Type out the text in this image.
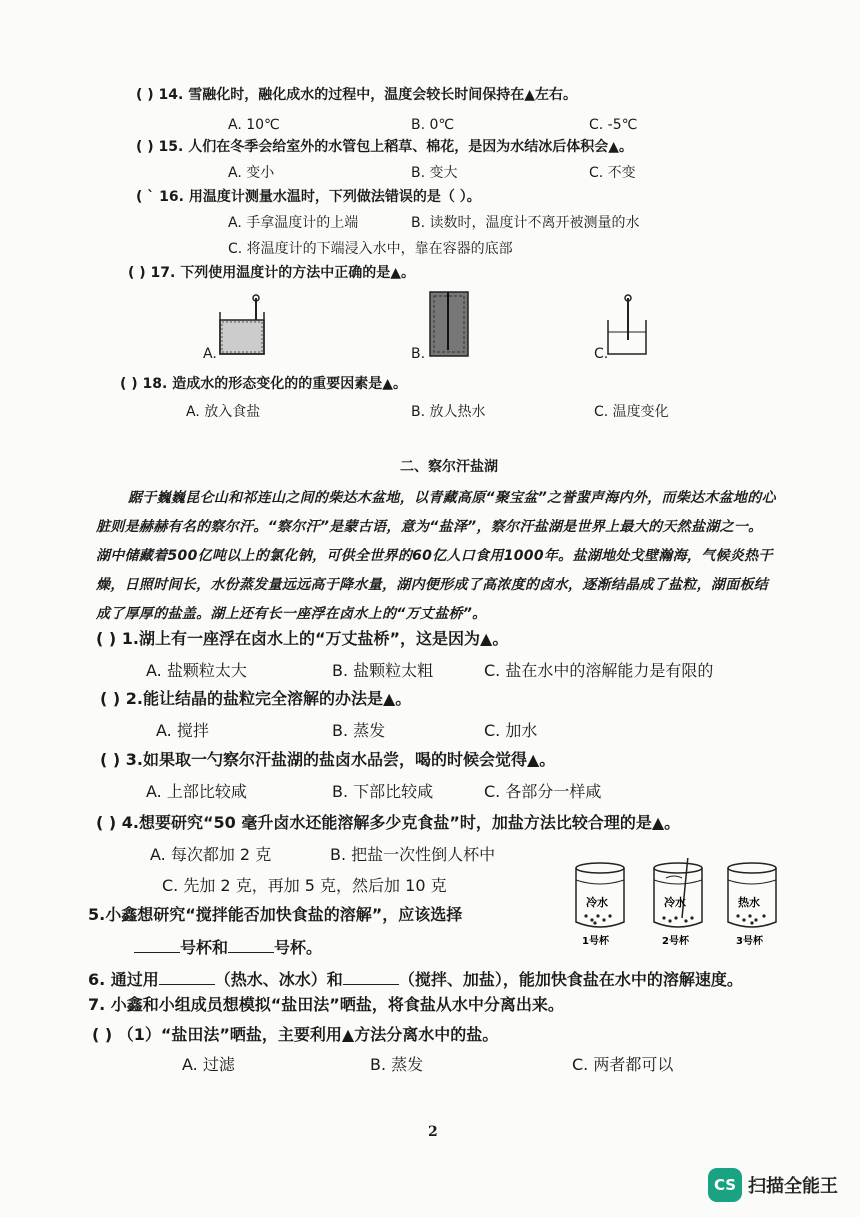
( ) 14. 雪融化时，融化成水的过程中，温度会较长时间保持在▲左右。
A. 10℃	B. 0℃	C. -5℃
( ) 15. 人们在冬季会给室外的水管包上稻草、棉花，是因为水结冰后体积会▲。
A. 变小	B. 变大	C. 不变
( ` 16. 用温度计测量水温时，下列做法错误的是（ ）。
A. 手拿温度计的上端	B. 读数时，温度计不离开被测量的水
C. 将温度计的下端浸入水中，靠在容器的底部
( ) 17. 下列使用温度计的方法中正确的是▲。
A.	B.	C.
( ) 18. 造成水的形态变化的的重要因素是▲。
A. 放入食盐	B. 放人热水	C. 温度变化
二、察尔汗盐湖
踞于巍巍昆仑山和祁连山之间的柴达木盆地，以青藏高原“聚宝盆”之誉蜚声海内外，而柴达木盆地的心脏则是赫赫有名的察尔汗。“察尔汗”是蒙古语，意为“盐泽”，察尔汗盐湖是世界上最大的天然盐湖之一。湖中储藏着500亿吨以上的氯化钠，可供全世界的60亿人口食用1000年。盐湖地处戈壁瀚海，气候炎热干燥，日照时间长，水份蒸发量远远高于降水量，湖内便形成了高浓度的卤水，逐渐结晶成了盐粒，湖面板结成了厚厚的盐盖。湖上还有长一座浮在卤水上的“万丈盐桥”。
( ) 1.湖上有一座浮在卤水上的“万丈盐桥”，这是因为▲。
A. 盐颗粒太大	B. 盐颗粒太粗	C. 盐在水中的溶解能力是有限的
( ) 2.能让结晶的盐粒完全溶解的办法是▲。
A. 搅拌	B. 蒸发	C. 加水
( ) 3.如果取一勺察尔汗盐湖的盐卤水品尝，喝的时候会觉得▲。
A. 上部比较咸	B. 下部比较咸	C. 各部分一样咸
( ) 4.想要研究“50 毫升卤水还能溶解多少克食盐”时，加盐方法比较合理的是▲。
A. 每次都加 2 克	B. 把盐一次性倒人杯中
C. 先加 2 克，再加 5 克，然后加 10 克
5.小鑫想研究“搅拌能否加快食盐的溶解”，应该选择
号杯和	号杯。
冷水	冷水	热水
1号杯	2号杯	3号杯
6. 通过用	（热水、冰水）和	（搅拌、加盐），能加快食盐在水中的溶解速度。
7. 小鑫和小组成员想模拟“盐田法”晒盐，将食盐从水中分离出来。
( ) （1）“盐田法”晒盐，主要利用▲方法分离水中的盐。
A. 过滤	B. 蒸发	C. 两者都可以
2
CS 扫描全能王
